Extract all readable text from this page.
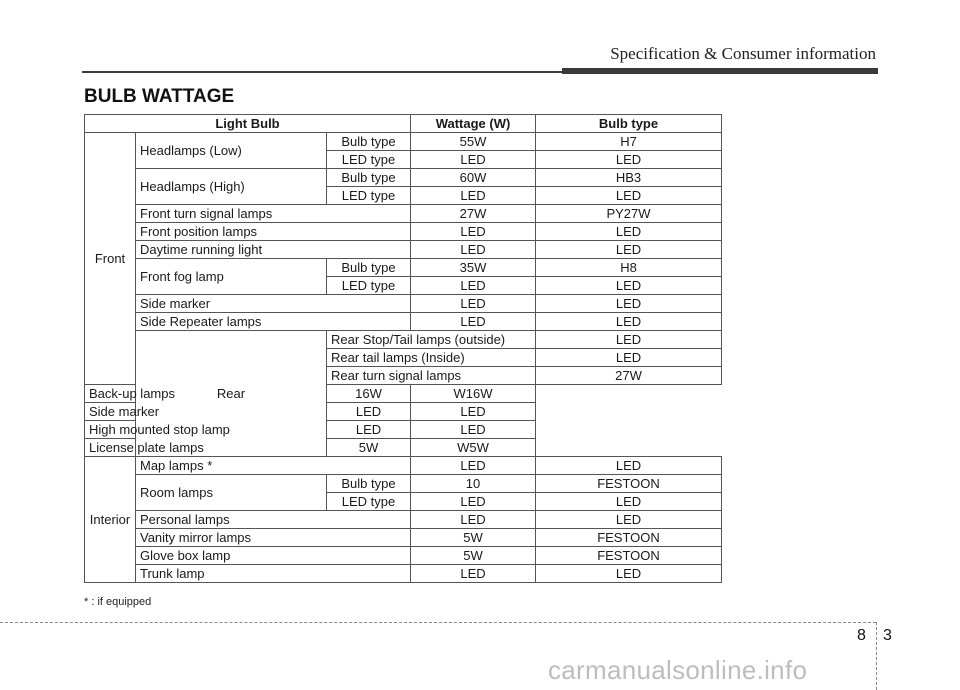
Specification & Consumer information
BULB WATTAGE
Light Bulb			Wattage (W)	Bulb type	
Front	Headlamps (Low)	Bulb type	55W	H7	
		LED type	LED	LED	
	Headlamps (High)	Bulb type	60W	HB3	
		LED type	LED	LED	
	Front turn signal lamps		27W	PY27W	
	Front position lamps		LED	LED	
	Daytime running light		LED	LED	
	Front fog lamp	Bulb type	35W	H8	
		LED type	LED	LED	
	Side marker		LED	LED	
	Side Repeater lamps		LED	LED	
	Rear	Rear Stop/Tail lamps (outside)		LED	
		Rear tail lamps (Inside)		LED	
		Rear turn signal lamps		27W	
Back-up lamps		16W	W16W		
Side marker		LED	LED		
High mounted stop lamp		LED	LED		
License plate lamps		5W	W5W		
Interior	Map lamps *		LED	LED	
	Room lamps	Bulb type	10	FESTOON	
		LED type	LED	LED	
	Personal lamps		LED	LED	
	Vanity mirror lamps		5W	FESTOON	
	Glove box lamp		5W	FESTOON	
	Trunk lamp		LED	LED	
* : if equipped
8 3
carmanualsonline.info
